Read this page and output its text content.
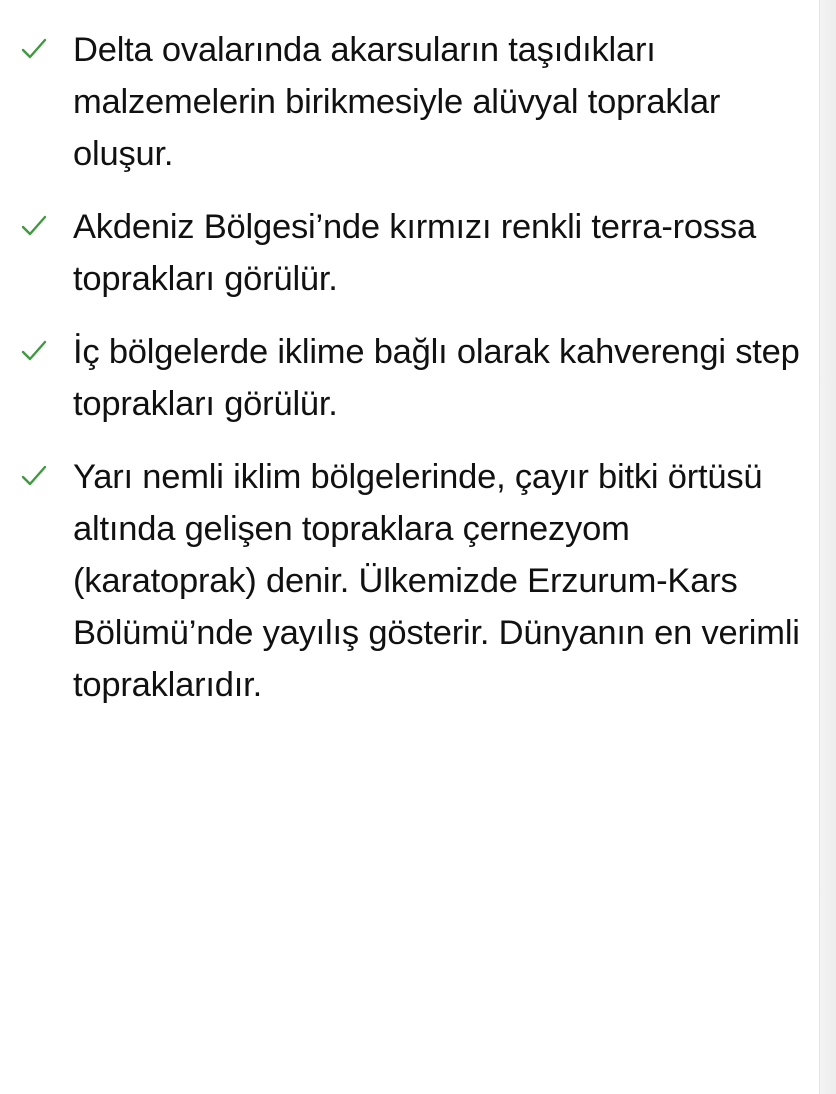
Delta ovalarında akarsuların taşıdıkları malzemelerin birikmesiyle alüvyal topraklar oluşur.
Akdeniz Bölgesi’nde kırmızı renkli terra-rossa toprakları görülür.
İç bölgelerde iklime bağlı olarak kahverengi step toprakları görülür.
Yarı nemli iklim bölgelerinde, çayır bitki örtüsü altında gelişen topraklara çernezyom (karatoprak) denir. Ülkemizde Erzurum-Kars Bölümü’nde yayılış gösterir. Dünyanın en verimli topraklarıdır.
